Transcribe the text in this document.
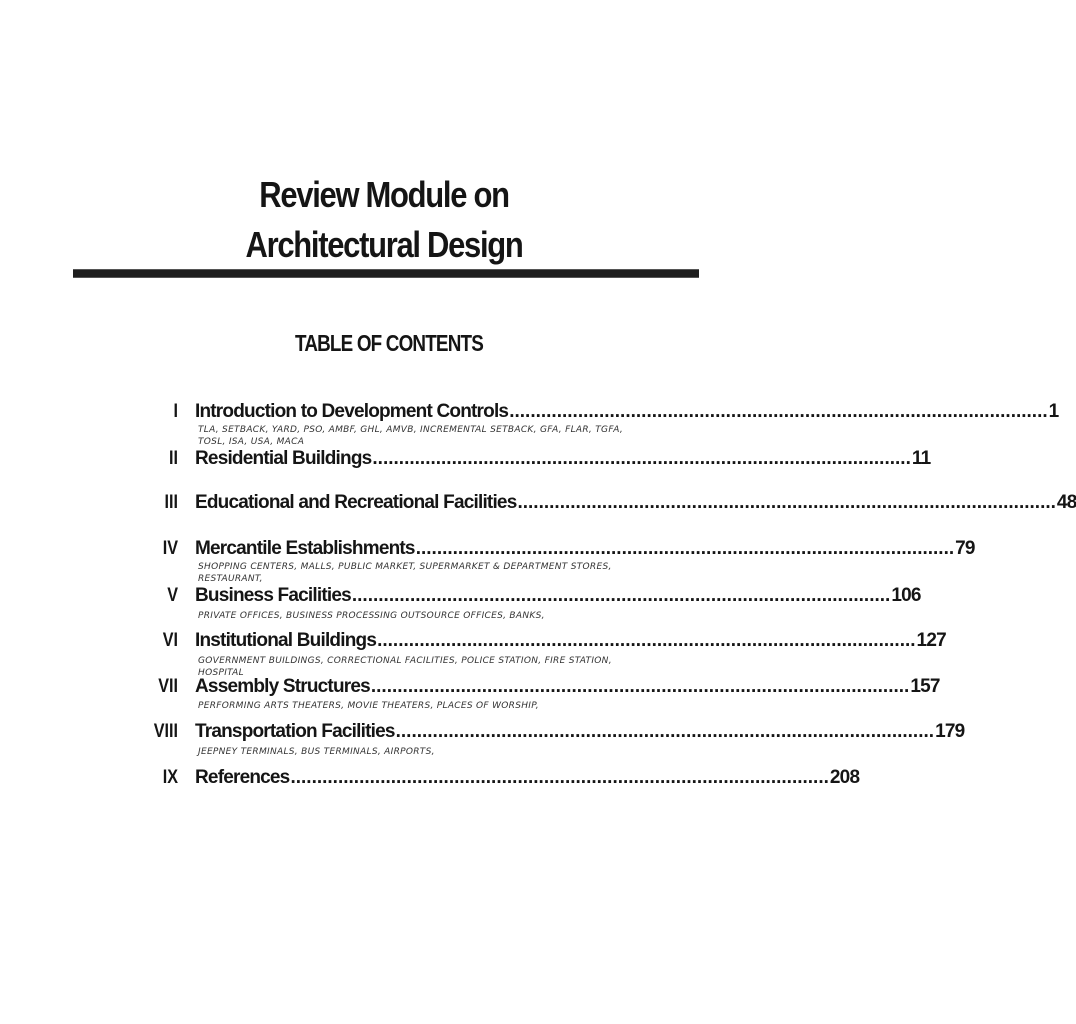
Review Module on
Architectural Design
TABLE OF CONTENTS
I Introduction to Development Controls ...................................................................................................... 1
TLA, SETBACK, YARD, PSO, AMBF, GHL, AMVB, INCREMENTAL SETBACK, GFA, FLAR, TGFA,
TOSL, ISA, USA, MACA
II Residential Buildings ...................................................................................................... 11
III Educational and Recreational Facilities ...................................................................................................... 48
IV Mercantile Establishments ...................................................................................................... 79
SHOPPING CENTERS, MALLS, PUBLIC MARKET, SUPERMARKET & DEPARTMENT STORES,
RESTAURANT,
V Business Facilities ...................................................................................................... 106
PRIVATE OFFICES, BUSINESS PROCESSING OUTSOURCE OFFICES, BANKS,
VI Institutional Buildings ...................................................................................................... 127
GOVERNMENT BUILDINGS, CORRECTIONAL FACILITIES, POLICE STATION, FIRE STATION,
HOSPITAL
VII Assembly Structures ...................................................................................................... 157
PERFORMING ARTS THEATERS, MOVIE THEATERS, PLACES OF WORSHIP,
VIII Transportation Facilities ...................................................................................................... 179
JEEPNEY TERMINALS, BUS TERMINALS, AIRPORTS,
IX References ...................................................................................................... 208
